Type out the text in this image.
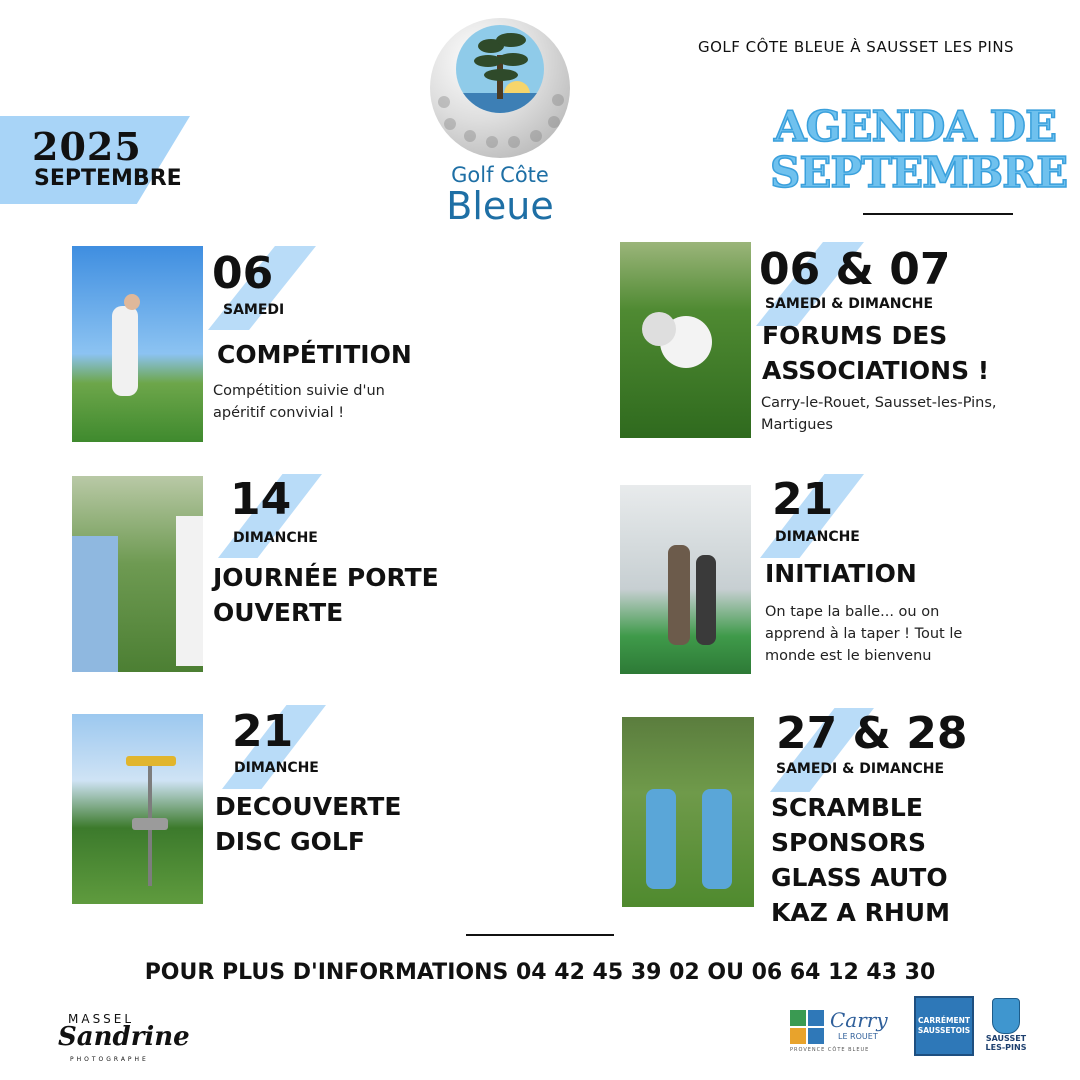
2025
SEPTEMBRE	Golf Côte
Bleue
GOLF CÔTE BLEUE À SAUSSET LES PINS
AGENDA DE
SEPTEMBRE
06
SAMEDI
COMPÉTITION
Compétition suivie d'un
apéritif convivial !
06 & 07
SAMEDI & DIMANCHE
FORUMS DES
ASSOCIATIONS !
Carry-le-Rouet, Sausset-les-Pins,
Martigues
14
DIMANCHE
JOURNÉE PORTE
OUVERTE
21
DIMANCHE
INITIATION
On tape la balle... ou on
apprend à la taper ! Tout le
monde est le bienvenu
21
DIMANCHE
DECOUVERTE
DISC GOLF
27 & 28
SAMEDI & DIMANCHE
SCRAMBLE
SPONSORS
GLASS AUTO
KAZ A RHUM
POUR PLUS D'INFORMATIONS 04 42 45 39 02 OU 06 64 12 43 30
MASSEL
Sandrine
PHOTOGRAPHE
Carry
LE ROUET
PROVENCE CÔTE BLEUE
CARRÉMENT
SAUSSETOIS
SAUSSET
LES-PINS
